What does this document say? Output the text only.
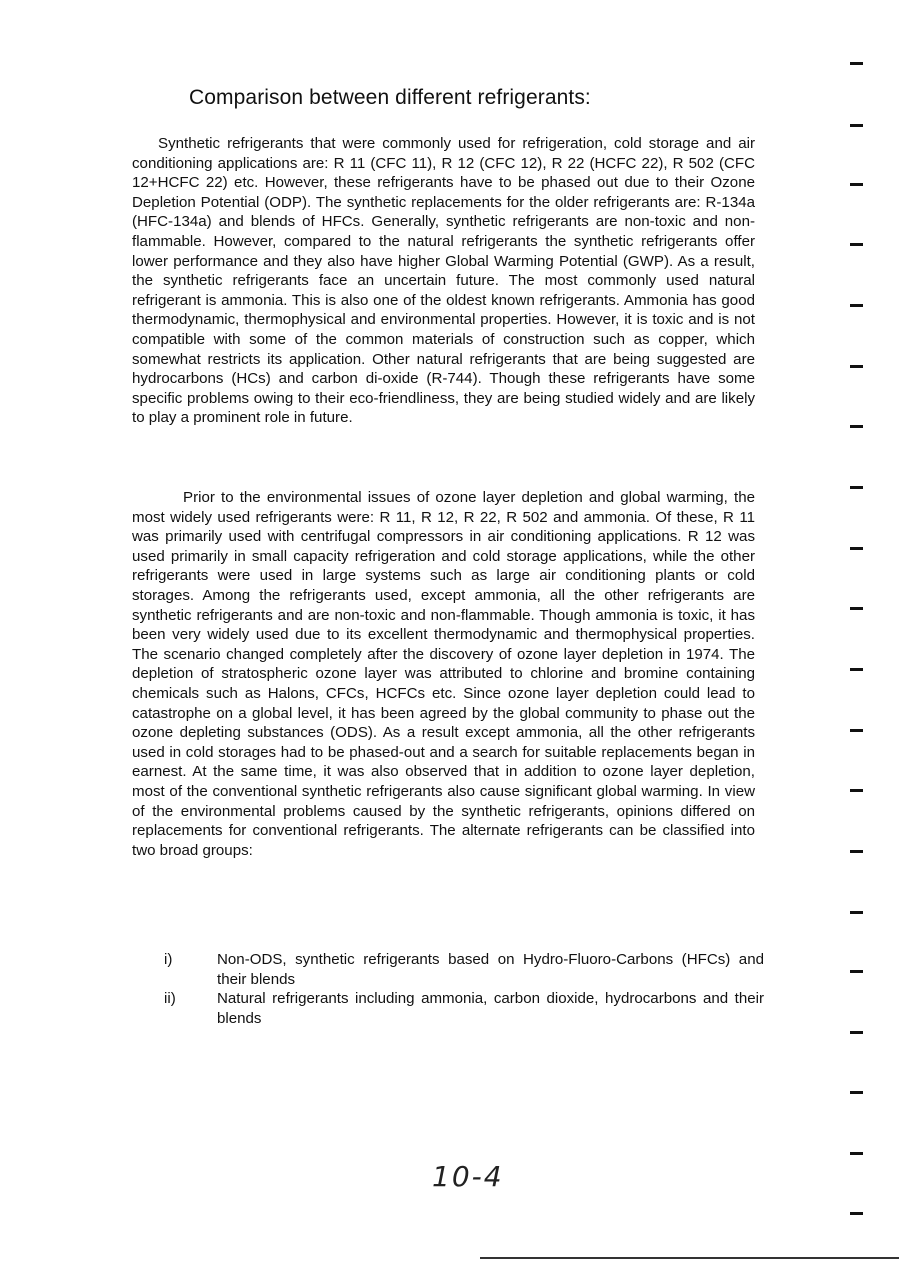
Comparison between different refrigerants:

Synthetic refrigerants that were commonly used for refrigeration, cold storage and air conditioning applications are: R 11 (CFC 11), R 12 (CFC 12), R 22 (HCFC 22), R 502 (CFC 12+HCFC 22) etc. However, these refrigerants have to be phased out due to their Ozone Depletion Potential (ODP). The synthetic replacements for the older refrigerants are: R-134a (HFC-134a) and blends of HFCs. Generally, synthetic refrigerants are non-toxic and non-flammable. However, compared to the natural refrigerants the synthetic refrigerants offer lower performance and they also have higher Global Warming Potential (GWP). As a result, the synthetic refrigerants face an uncertain future. The most commonly used natural refrigerant is ammonia. This is also one of the oldest known refrigerants. Ammonia has good thermodynamic, thermophysical and environmental properties. However, it is toxic and is not compatible with some of the common materials of construction such as copper, which somewhat restricts its application. Other natural refrigerants that are being suggested are hydrocarbons (HCs) and carbon di-oxide (R-744). Though these refrigerants have some specific problems owing to their eco-friendliness, they are being studied widely and are likely to play a prominent role in future.

Prior to the environmental issues of ozone layer depletion and global warming, the most widely used refrigerants were: R 11, R 12, R 22, R 502 and ammonia. Of these, R 11 was primarily used with centrifugal compressors in air conditioning applications. R 12 was used primarily in small capacity refrigeration and cold storage applications, while the other refrigerants were used in large systems such as large air conditioning plants or cold storages. Among the refrigerants used, except ammonia, all the other refrigerants are synthetic refrigerants and are non-toxic and non-flammable. Though ammonia is toxic, it has been very widely used due to its excellent thermodynamic and thermophysical properties. The scenario changed completely after the discovery of ozone layer depletion in 1974. The depletion of stratospheric ozone layer was attributed to chlorine and bromine containing chemicals such as Halons, CFCs, HCFCs etc. Since ozone layer depletion could lead to catastrophe on a global level, it has been agreed by the global community to phase out the ozone depleting substances (ODS). As a result except ammonia, all the other refrigerants used in cold storages had to be phased-out and a search for suitable replacements began in earnest. At the same time, it was also observed that in addition to ozone layer depletion, most of the conventional synthetic refrigerants also cause significant global warming. In view of the environmental problems caused by the synthetic refrigerants, opinions differed on replacements for conventional refrigerants. The alternate refrigerants can be classified into two broad groups:

i)	Non-ODS, synthetic refrigerants based on Hydro-Fluoro-Carbons (HFCs) and their blends
ii)	Natural refrigerants including ammonia, carbon dioxide, hydrocarbons and their blends
10-4
